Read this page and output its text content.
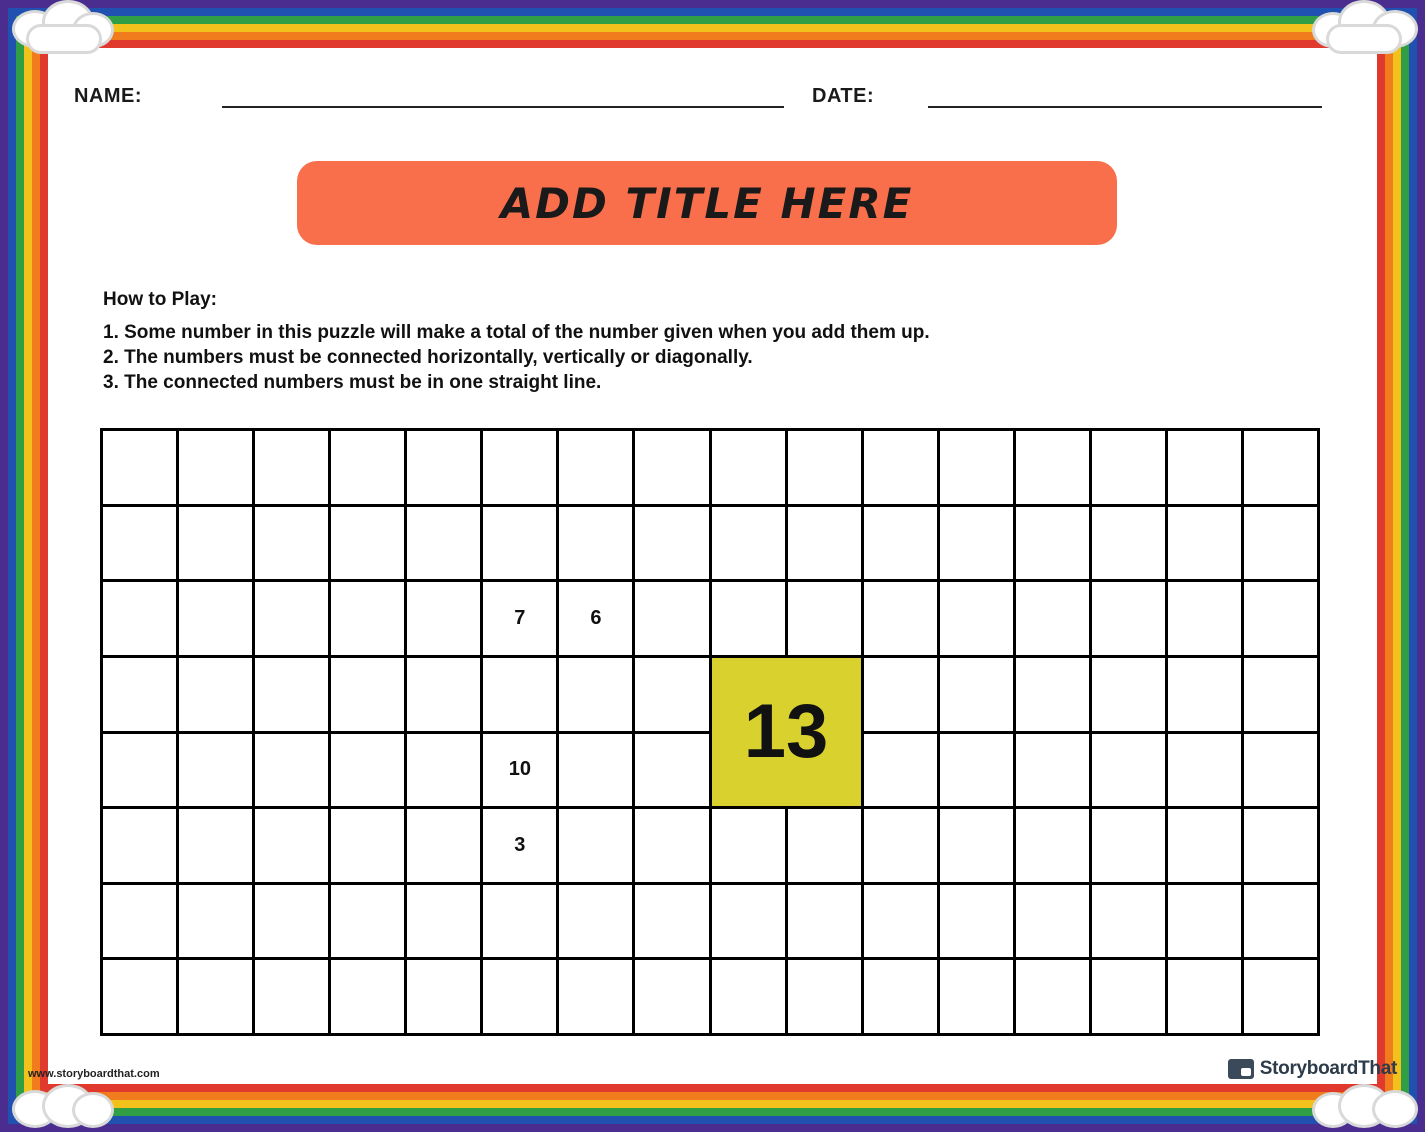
NAME:	DATE:
ADD TITLE HERE
How to Play:
1. Some number in this puzzle will make a total of the number given when you add them up.
2. The numbers must be connected horizontally, vertically or diagonally.
3. The connected numbers must be in one straight line.
7	6
13
10
3
www.storyboardthat.com	StoryboardThat
